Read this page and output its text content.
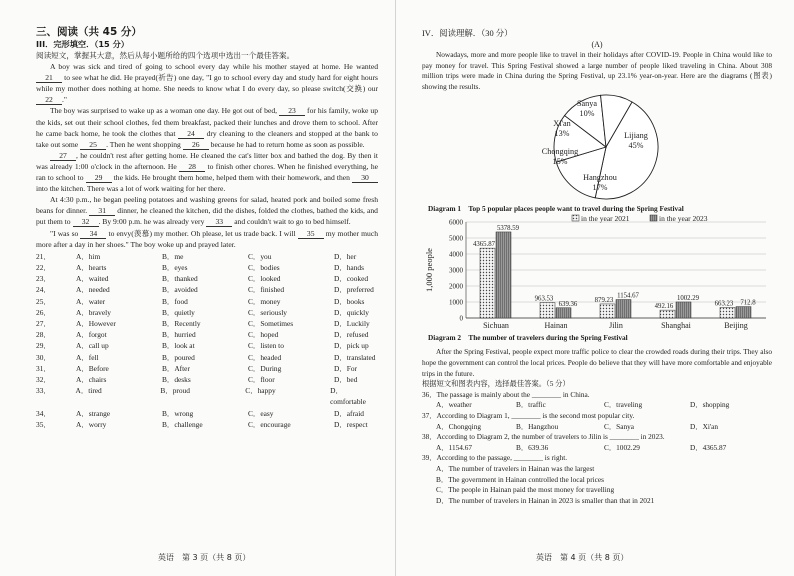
三、阅读（共 45 分）
III．完形填空．（15 分）
阅读短文，掌握其大意，然后从每小题所给的四个选项中选出一个最佳答案。
A boy was sick and tired of going to school every day while his mother stayed at home. He wanted 21 to see what he did. He prayed(祈告) one day, "I go to school every day and study hard for eight hours while my mother does nothing at home. She needs to know what I do every day, so please switch(交换) our 22 ."
The boy was surprised to wake up as a woman one day. He got out of bed, 23 for his family, woke up the kids, set out their school clothes, fed them breakfast, packed their lunches and drove them to school. After he came back home, he took the clothes that 24 dry cleaning to the cleaners and stopped at the bank to take out some 25 . Then he went shopping 26 because he had to return home as soon as possible.
27 , he couldn't rest after getting home. He cleaned the cat's litter box and bathed the dog. By then it was already 1:00 o'clock in the afternoon. He 28 to finish other chores. When he finished everything, he ran to school to 29 the kids. He brought them home, helped them with their homework, and then 30 into the kitchen. There was a lot of work waiting for her there.
At 4:30 p.m., he began peeling potatoes and washing greens for salad, heated pork and boiled some fresh beans for dinner. 31 dinner, he cleaned the kitchen, did the dishes, folded the clothes, bathed the kids, and put them to 32 . By 9:00 p.m. he was already very 33 and couldn't wait to go to bed himself.
"I was so 34 to envy(羡慕) my mother. Oh please, let us trade back. I will 35 my mother much more after a day in her shoes." The boy woke up and prayed later.
21．	A．him	B．me	C．you	D．her
22．	A．hearts	B．eyes	C．bodies	D．hands
23．	A．waited	B．thanked	C．looked	D．cooked
24．	A．needed	B．avoided	C．finished	D．preferred
25．	A．water	B．food	C．money	D．books
26．	A．bravely	B．quietly	C．seriously	D．quickly
27．	A．However	B．Recently	C．Sometimes	D．Luckily
28．	A．forgot	B．hurried	C．hoped	D．refused
29．	A．call up	B．look at	C．listen to	D．pick up
30．	A．fell	B．poured	C．headed	D．translated
31．	A．Before	B．After	C．During	D．For
32．	A．chairs	B．desks	C．floor	D．bed
33．	A．tired	B．proud	C．happy	D．comfortable
34．	A．strange	B．wrong	C．easy	D．afraid
35．	A．worry	B．challenge	C．encourage	D．respect
英语　第 3 页（共 8 页）
IV．阅读理解．（30 分）
(A)
Nowadays, more and more people like to travel in their holidays after COVID-19. People in China would like to pay money for travel. This Spring Festival showed a large number of people liked traveling in China. About 308 million trips were made in China during the Spring Festival, up 23.1% year-on-year. Here are the diagrams (图表) showing the results.
Lijiang 45%
Hangzhou 17%
Chongqing 15%
Xi'an 13%
Sanya 10%
Diagram 1　Top 5 popular places people want to travel during the Spring Festival
0
1000
2000
3000
4000
5000
6000
1,000 people
in the year 2021	in the year 2023
4365.87
5378.59
Sichuan
963.53
639.36
Hainan
879.23
1154.67
Jilin
492.16
1002.29
Shanghai
663.23 712.8
Beijing
Diagram 2　The number of travelers during the Spring Festival
After the Spring Festival, people expect more traffic police to clear the crowded roads during their trips. They also hope the government can control the local prices. People do believe that they will have more comfortable and enjoyable trips in the future.
根据短文和图表内容，选择最佳答案。（5 分）
36．The passage is mainly about the ________ in China.
A．weather	B．traffic	C．traveling	D．shopping
37．According to Diagram 1, ________ is the second most popular city.
A．Chongqing	B．Hangzhou	C．Sanya	D．Xi'an
38．According to Diagram 2, the number of travelers to Jilin is ________ in 2023.
A．1154.67	B．639.36	C．1002.29	D．4365.87
39．According to the passage, ________ is right.
A．The number of travelers in Hainan was the largest
B．The government in Hainan controlled the local prices
C．The people in Hainan paid the most money for travelling
D．The number of travelers in Hainan in 2023 is smaller than that in 2021
英语　第 4 页（共 8 页）
